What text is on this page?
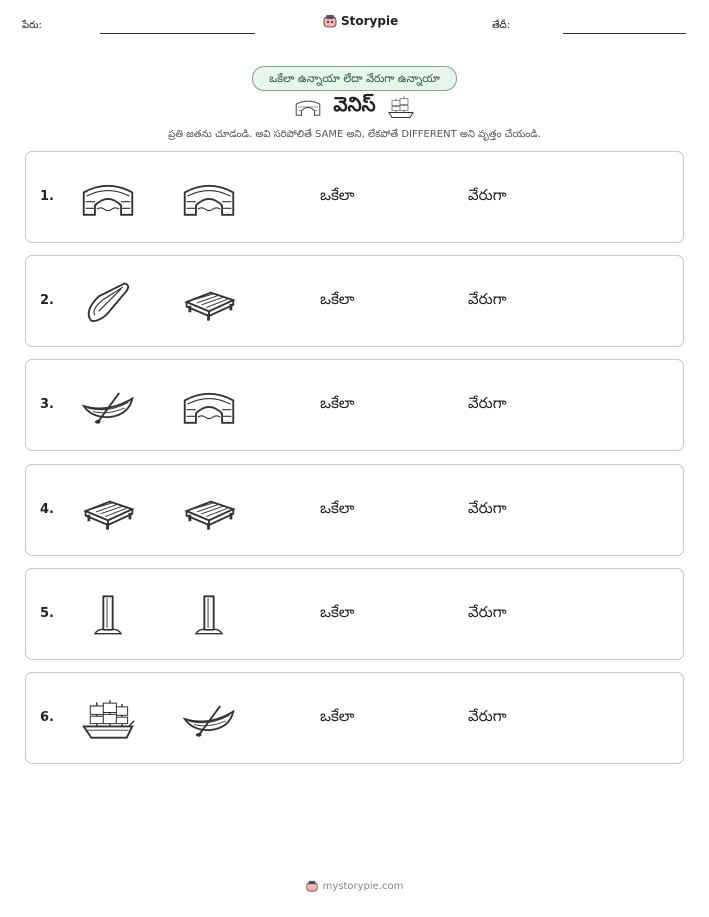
పేరు:	Storypie	తేదీ:
ఒకేలా ఉన్నాయా లేదా వేరుగా ఉన్నాయా
వెనిస్
ప్రతి జతను చూడండి. అవి సరిపోలితే SAME అని, లేకపోతే DIFFERENT అని వృత్తం చేయండి.
1.	ఒకేలా	వేరుగా
2.	ఒకేలా	వేరుగా
3.	ఒకేలా	వేరుగా
4.	ఒకేలా	వేరుగా
5.	ఒకేలా	వేరుగా
6.	ఒకేలా	వేరుగా
mystorypie.com
